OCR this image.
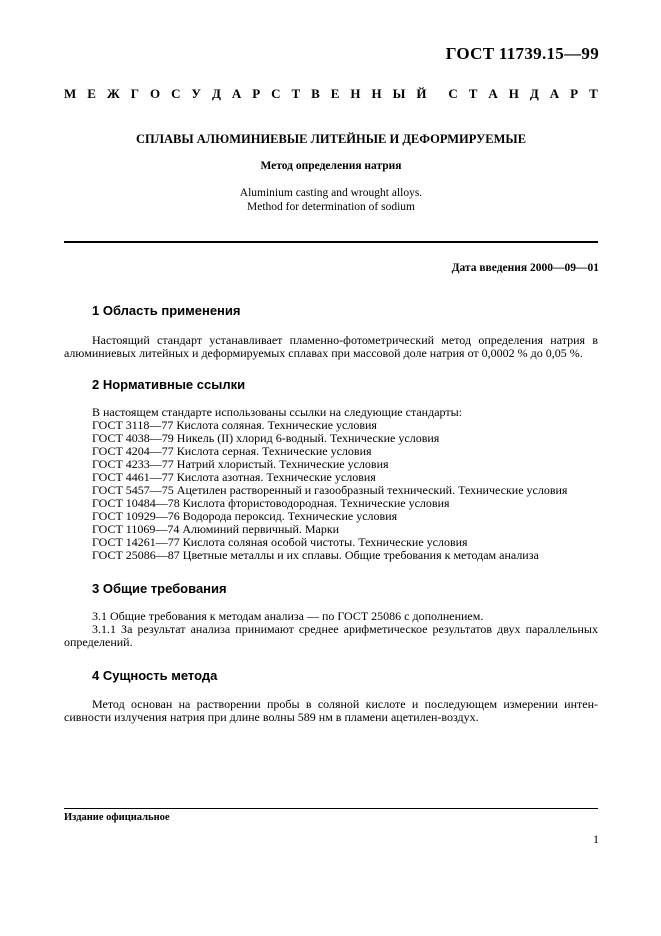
ГОСТ 11739.15—99
М Е Ж Г О С У Д А Р С Т В Е Н Н Ы Й С Т А Н Д А Р Т
СПЛАВЫ АЛЮМИНИЕВЫЕ ЛИТЕЙНЫЕ И ДЕФОРМИРУЕМЫЕ
Метод определения натрия
Aluminium casting and wrought alloys.
Method for determination of sodium
Дата введения 2000—09—01
1 Область применения
Настоящий стандарт устанавливает пламенно-фотометрический метод определения натрия в
алюминиевых литейных и деформируемых сплавах при массовой доле натрия от 0,0002 % до 0,05 %.
2 Нормативные ссылки
В настоящем стандарте использованы ссылки на следующие стандарты:
ГОСТ 3118—77 Кислота соляная. Технические условия
ГОСТ 4038—79 Никель (II) хлорид 6-водный. Технические условия
ГОСТ 4204—77 Кислота серная. Технические условия
ГОСТ 4233—77 Натрий хлористый. Технические условия
ГОСТ 4461—77 Кислота азотная. Технические условия
ГОСТ 5457—75 Ацетилен растворенный и газообразный технический. Технические условия
ГОСТ 10484—78 Кислота фтористоводородная. Технические условия
ГОСТ 10929—76 Водорода пероксид. Технические условия
ГОСТ 11069—74 Алюминий первичный. Марки
ГОСТ 14261—77 Кислота соляная особой чистоты. Технические условия
ГОСТ 25086—87 Цветные металлы и их сплавы. Общие требования к методам анализа
3 Общие требования
3.1 Общие требования к методам анализа — по ГОСТ 25086 с дополнением.
3.1.1 За результат анализа принимают среднее арифметическое результатов двух параллельных
определений.
4 Сущность метода
Метод основан на растворении пробы в соляной кислоте и последующем измерении интен-
сивности излучения натрия при длине волны 589 нм в пламени ацетилен-воздух.
Издание официальное
1
